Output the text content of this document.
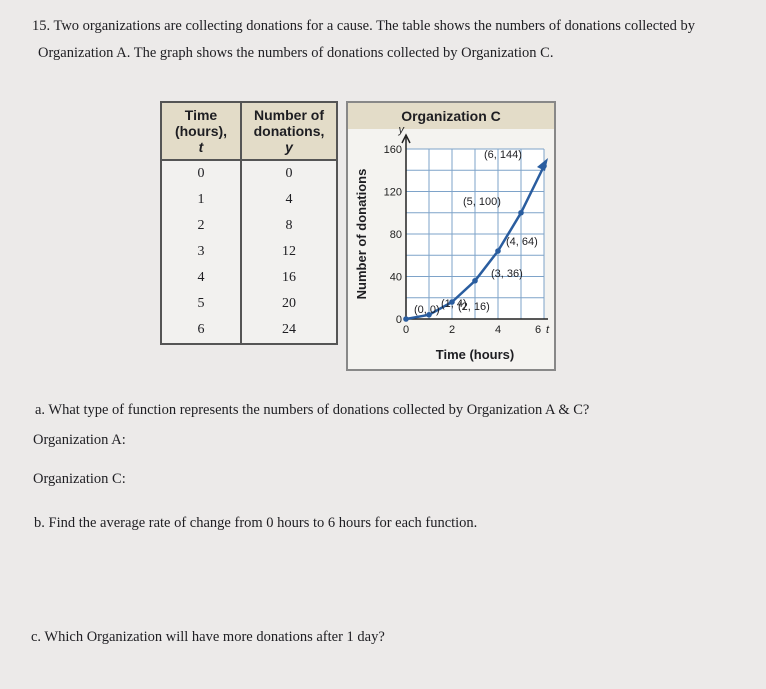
15. Two organizations are collecting donations for a cause. The table shows the numbers of donations collected by
Organization A. The graph shows the numbers of donations collected by Organization C.
Time
(hours),
t	Number of
donations,
y

0	0
1	4
2	8
3	12
4	16
5	20
6	24
Organization C
y
40
80
120
160
0
0	2	4	6 t
Time (hours)
Number of donations
(0, 0)
(1, 4)
(2, 16)
(3, 36)
(4, 64)
(5, 100)
(6, 144)
a. What type of function represents the numbers of donations collected by Organization A & C?
Organization A:
Organization C:
b. Find the average rate of change from 0 hours to 6 hours for each function.
c. Which Organization will have more donations after 1 day?
